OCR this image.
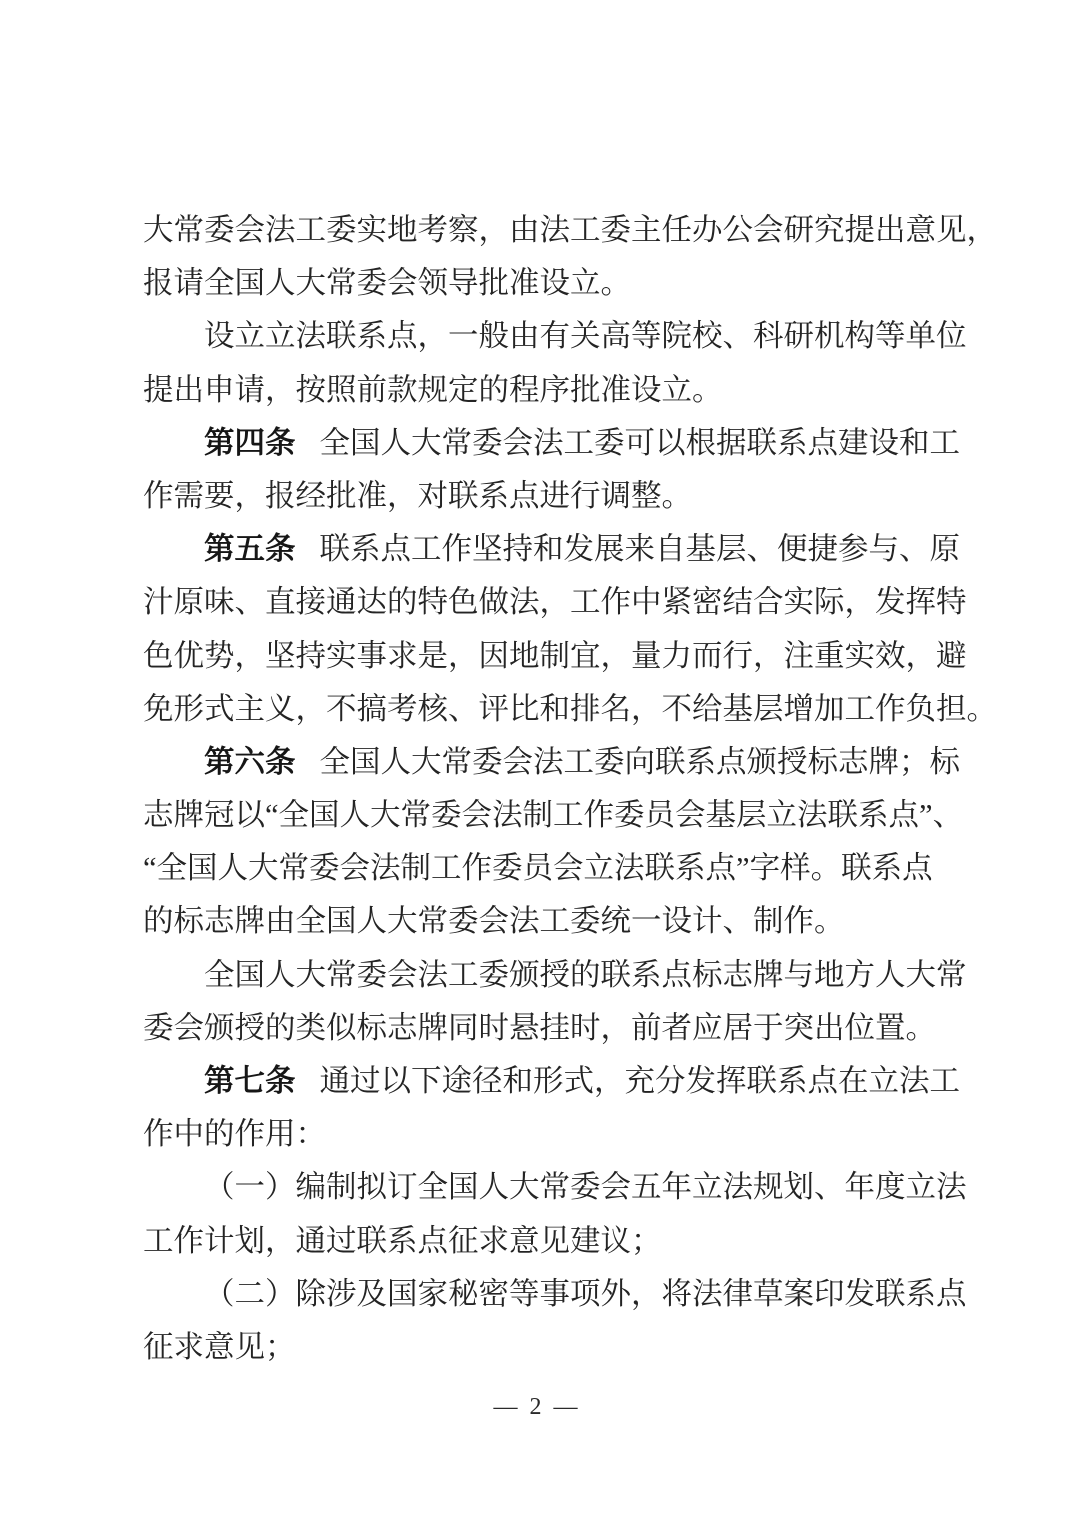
大常委会法工委实地考察，由法工委主任办公会研究提出意见，
报请全国人大常委会领导批准设立。
设立立法联系点，一般由有关高等院校、科研机构等单位
提出申请，按照前款规定的程序批准设立。
第四条 全国人大常委会法工委可以根据联系点建设和工
作需要，报经批准，对联系点进行调整。
第五条 联系点工作坚持和发展来自基层、便捷参与、原
汁原味、直接通达的特色做法，工作中紧密结合实际，发挥特
色优势，坚持实事求是，因地制宜，量力而行，注重实效，避
免形式主义，不搞考核、评比和排名，不给基层增加工作负担。
第六条 全国人大常委会法工委向联系点颁授标志牌；标
志牌冠以“全国人大常委会法制工作委员会基层立法联系点”、
“全国人大常委会法制工作委员会立法联系点”字样。联系点
的标志牌由全国人大常委会法工委统一设计、制作。
全国人大常委会法工委颁授的联系点标志牌与地方人大常
委会颁授的类似标志牌同时悬挂时，前者应居于突出位置。
第七条 通过以下途径和形式，充分发挥联系点在立法工
作中的作用：
（一）编制拟订全国人大常委会五年立法规划、年度立法
工作计划，通过联系点征求意见建议；
（二）除涉及国家秘密等事项外，将法律草案印发联系点
征求意见；
— 2 —
